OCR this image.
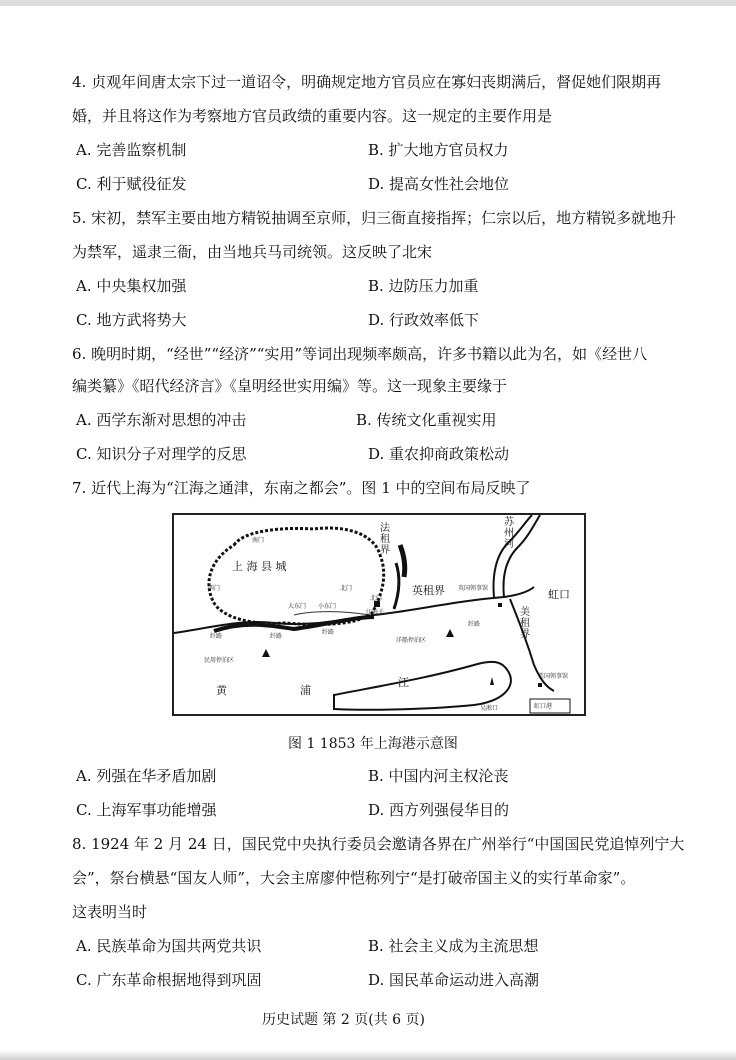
4. 贞观年间唐太宗下过一道诏令，明确规定地方官员应在寡妇丧期满后，督促她们限期再
婚，并且将这作为考察地方官员政绩的重要内容。这一规定的主要作用是
A. 完善监察机制	B. 扩大地方官员权力
C. 利于赋役征发	D. 提高女性社会地位
5. 宋初，禁军主要由地方精锐抽调至京师，归三衙直接指挥；仁宗以后，地方精锐多就地升
为禁军，遥隶三衙，由当地兵马司统领。这反映了北宋
A. 中央集权加强	B. 边防压力加重
C. 地方武将势大	D. 行政效率低下
6. 晚明时期，“经世”“经济”“实用”等词出现频率颇高，许多书籍以此为名，如《经世八
编类纂》《昭代经济言》《皇明经世实用编》等。这一现象主要缘于
A. 西学东渐对思想的冲击	B. 传统文化重视实用
C. 知识分子对理学的反思	D. 重农抑商政策松动
7. 近代上海为“江海之通津，东南之都会”。图 1 中的空间布局反映了
南门
上 海 县 城
北门
西门
大东门 小东门
江海关
法租界
英租界 英国领事馆
苏州河
虹口
美租界
美国领事馆
虹口港
民用停泊区
洋船停泊区
吴淞口
黄	浦
江
纤路
纤路
纤路
纤路
北门
图 1 1853 年上海港示意图
A. 列强在华矛盾加剧	B. 中国内河主权沦丧
C. 上海军事功能增强	D. 西方列强侵华目的
8. 1924 年 2 月 24 日，国民党中央执行委员会邀请各界在广州举行“中国国民党追悼列宁大
会”，祭台横悬“国友人师”，大会主席廖仲恺称列宁“是打破帝国主义的实行革命家”。
这表明当时
A. 民族革命为国共两党共识	B. 社会主义成为主流思想
C. 广东革命根据地得到巩固	D. 国民革命运动进入高潮
历史试题 第 2 页(共 6 页)
